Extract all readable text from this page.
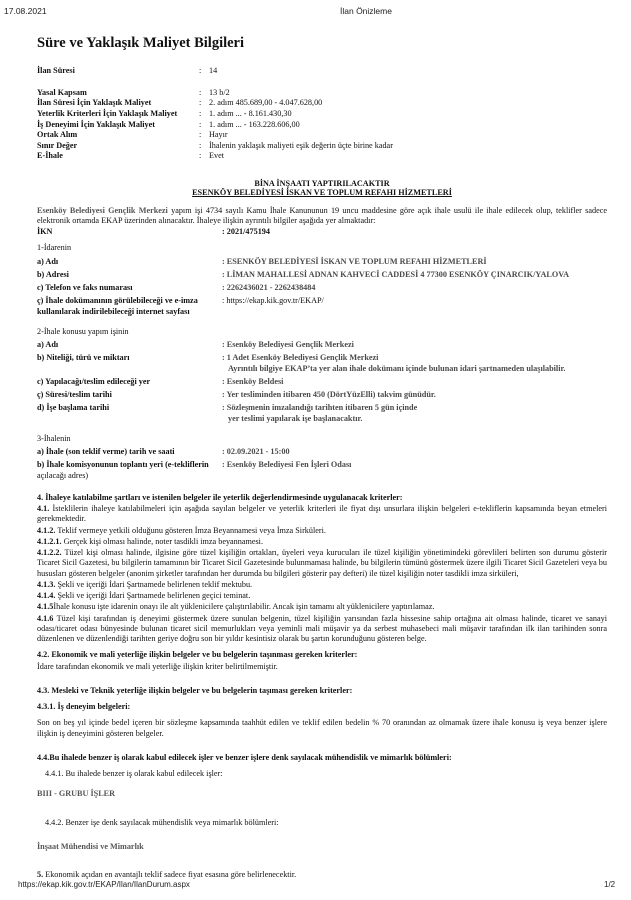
17.08.2021	İlan Önizleme
Süre ve Yaklaşık Maliyet Bilgileri
İlan Süresi	: 14
Yasal Kapsam	: 13 b/2
İlan Süresi İçin Yaklaşık Maliyet	: 2. adım 485.689,00 - 4.047.628,00
Yeterlik Kriterleri İçin Yaklaşık Maliyet	: 1. adım ... - 8.161.430,30
İş Deneyimi İçin Yaklaşık Maliyet	: 1. adım ... - 163.228.606,00
Ortak Alım	: Hayır
Sınır Değer	: İhalenin yaklaşık maliyeti eşik değerin üçte birine kadar
E-İhale	: Evet
BİNA İNŞAATI YAPTIRILACAKTIR
ESENKÖY BELEDİYESİ İSKAN VE TOPLUM REFAHI HİZMETLERİ

Esenköy Belediyesi Gençlik Merkezi yapım işi 4734 sayılı Kamu İhale Kanununun 19 uncu maddesine göre açık ihale usulü ile ihale edilecek olup, teklifler sadece elektronik ortamda EKAP üzerinden alınacaktır. İhaleye ilişkin ayrıntılı bilgiler aşağıda yer almaktadır:

İKN	: 2021/475194
1-İdarenin
a) Adı	: ESENKÖY BELEDİYESİ İSKAN VE TOPLUM REFAHI HİZMETLERİ
b) Adresi	: LİMAN MAHALLESİ ADNAN KAHVECİ CADDESİ 4 77300 ESENKÖY ÇINARCIK/YALOVA
c) Telefon ve faks numarası	: 2262436021 - 2262438484
ç) İhale dokümanının görülebileceği ve e-imza kullanılarak indirilebileceği internet sayfası
: https://ekap.kik.gov.tr/EKAP/
2-İhale konusu yapım işinin
a) Adı	: Esenköy Belediyesi Gençlik Merkezi
b) Niteliği, türü ve miktarı	: 1 Adet Esenköy Belediyesi Gençlik Merkezi
Ayrıntılı bilgiye EKAP’ta yer alan ihale dokümanı içinde bulunan idari şartnameden ulaşılabilir.
c) Yapılacağı/teslim edileceği yer	: Esenköy Beldesi
ç) Süresi/teslim tarihi	: Yer tesliminden itibaren 450 (DörtYüzElli) takvim günüdür.
d) İşe başlama tarihi	: Sözleşmenin imzalandığı tarihten itibaren 5 gün içinde
yer teslimi yapılarak işe başlanacaktır.
3-İhalenin
a) İhale (son teklif verme) tarih ve saati	: 02.09.2021 - 15:00
b) İhale komisyonunun toplantı yeri (e-tekliflerin
açılacağı adres)
: Esenköy Belediyesi Fen İşleri Odası

4. İhaleye katılabilme şartları ve istenilen belgeler ile yeterlik değerlendirmesinde uygulanacak kriterler:

4.1. İsteklilerin ihaleye katılabilmeleri için aşağıda sayılan belgeler ve yeterlik kriterleri ile fiyat dışı unsurlara ilişkin belgeleri e-tekliflerin kapsamında beyan etmeleri gerekmektedir.

4.1.2. Teklif vermeye yetkili olduğunu gösteren İmza Beyannamesi veya İmza Sirküleri.

4.1.2.1. Gerçek kişi olması halinde, noter tasdikli imza beyannamesi.

4.1.2.2. Tüzel kişi olması halinde, ilgisine göre tüzel kişiliğin ortakları, üyeleri veya kurucuları ile tüzel kişiliğin yönetimindeki görevlileri belirten son durumu gösterir Ticaret Sicil Gazetesi, bu bilgilerin tamamının bir Ticaret Sicil Gazetesinde bulunmaması halinde, bu bilgilerin tümünü göstermek üzere ilgili Ticaret Sicil Gazeteleri veya bu hususları gösteren belgeler (anonim şirketler tarafından her durumda bu bilgileri gösterir pay defteri) ile tüzel kişiliğin noter tasdikli imza sirküleri,

4.1.3. Şekli ve içeriği İdari Şartnamede belirlenen teklif mektubu.

4.1.4. Şekli ve içeriği İdari Şartnamede belirlenen geçici teminat.

4.1.5İhale konusu işte idarenin onayı ile alt yüklenicilere çalıştırılabilir. Ancak işin tamamı alt yüklenicilere yaptırılamaz.

4.1.6 Tüzel kişi tarafından iş deneyimi göstermek üzere sunulan belgenin, tüzel kişiliğin yarısından fazla hissesine sahip ortağına ait olması halinde, ticaret ve sanayi odası/ticaret odası bünyesinde bulunan ticaret sicil memurlukları veya yeminli mali müşavir ya da serbest muhasebeci mali müşavir tarafından ilk ilan tarihinden sonra düzenlenen ve düzenlendiği tarihten geriye doğru son bir yıldır kesintisiz olarak bu şartın korunduğunu gösteren belge.

4.2. Ekonomik ve mali yeterliğe ilişkin belgeler ve bu belgelerin taşınması gereken kriterler:

İdare tarafından ekonomik ve mali yeterliğe ilişkin kriter belirtilmemiştir.

4.3. Mesleki ve Teknik yeterliğe ilişkin belgeler ve bu belgelerin taşıması gereken kriterler:

4.3.1. İş deneyim belgeleri:

Son on beş yıl içinde bedel içeren bir sözleşme kapsamında taahhüt edilen ve teklif edilen bedelin % 70 oranından az olmamak üzere ihale konusu iş veya benzer işlere ilişkin iş deneyimini gösteren belgeler.

4.4.Bu ihalede benzer iş olarak kabul edilecek işler ve benzer işlere denk sayılacak mühendislik ve mimarlık bölümleri:

4.4.1. Bu ihalede benzer iş olarak kabul edilecek işler:

BIII - GRUBU İŞLER

4.4.2. Benzer işe denk sayılacak mühendislik veya mimarlık bölümleri:

İnşaat Mühendisi ve Mimarlık

5. Ekonomik açıdan en avantajlı teklif sadece fiyat esasına göre belirlenecektir.

https://ekap.kik.gov.tr/EKAP/Ilan/IlanDurum.aspx	1/2
